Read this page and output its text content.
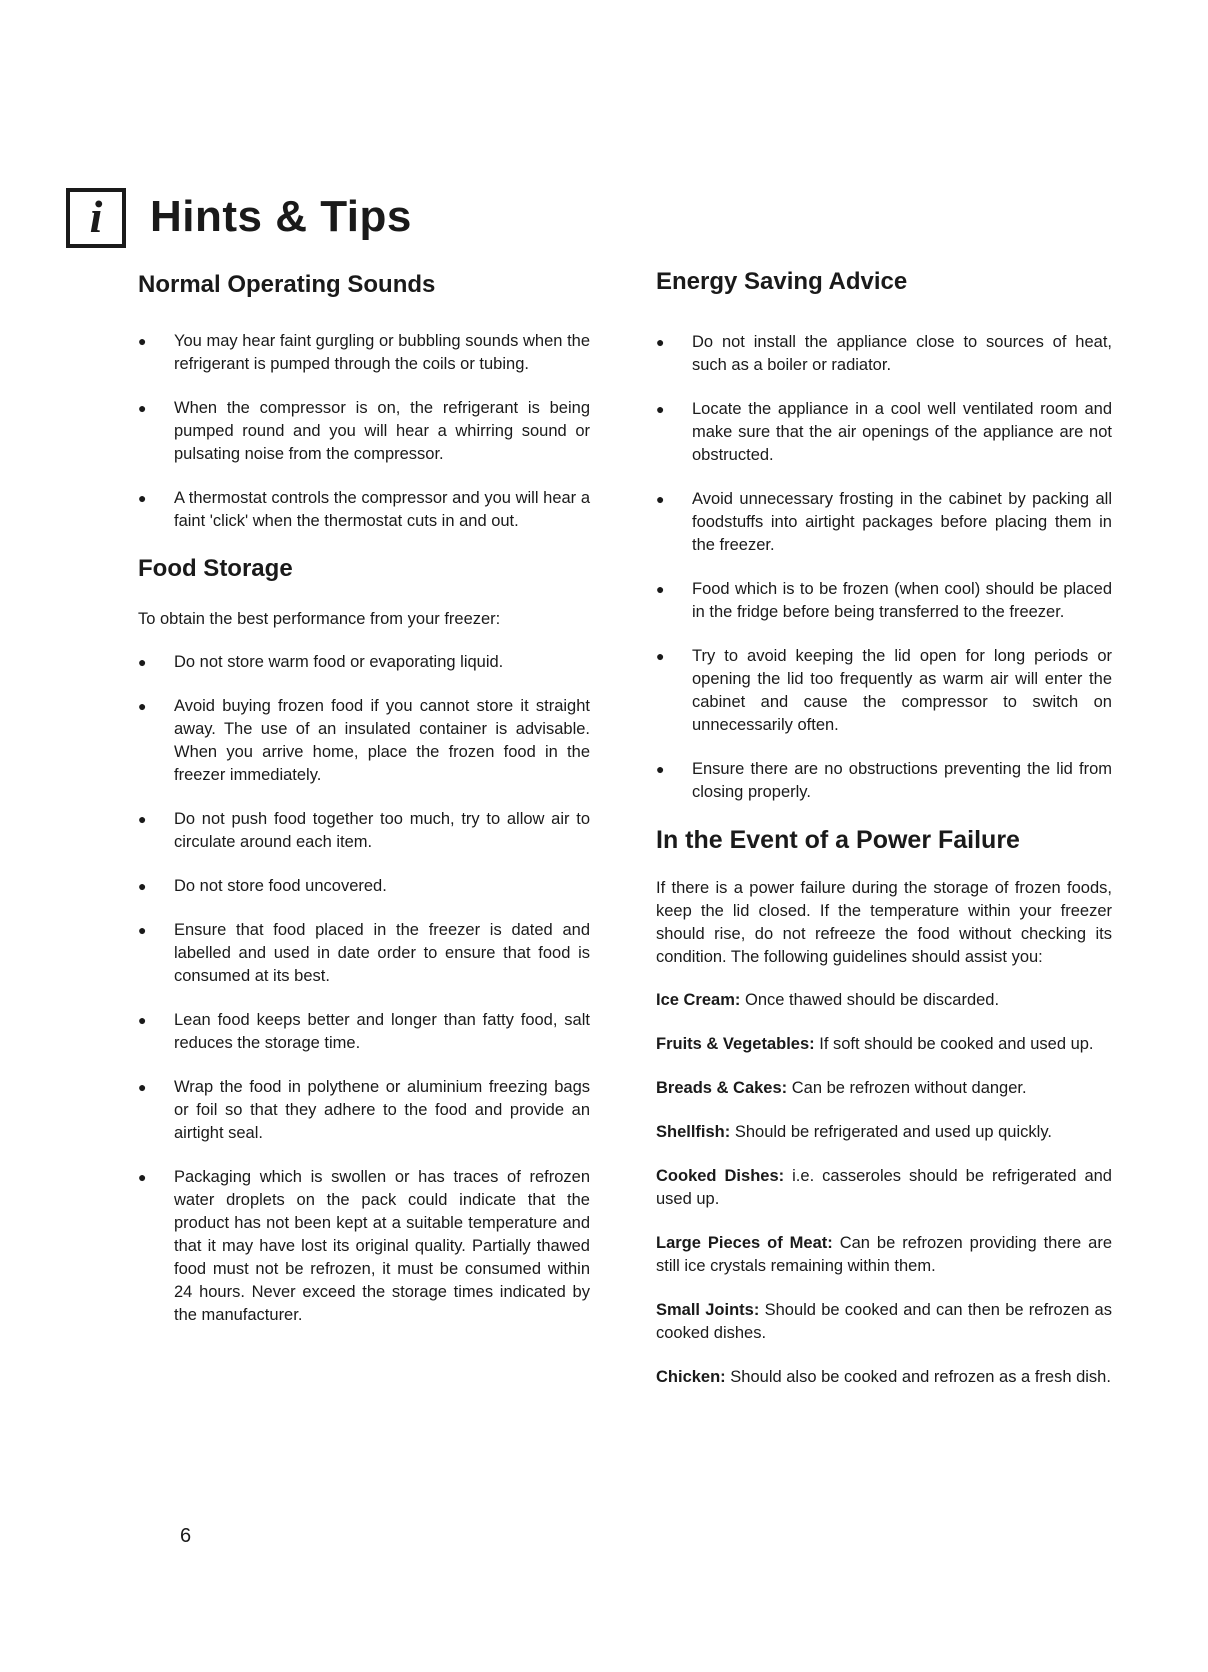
i Hints & Tips
Normal Operating Sounds
● You may hear faint gurgling or bubbling sounds when the refrigerant is pumped through the coils or tubing.
● When the compressor is on, the refrigerant is being pumped round and you will hear a whirring sound or pulsating noise from the compressor.
● A thermostat controls the compressor and you will hear a faint 'click' when the thermostat cuts in and out.
Food Storage

To obtain the best performance from your freezer:

● Do not store warm food or evaporating liquid.
● Avoid buying frozen food if you cannot store it straight away. The use of an insulated container is advisable. When you arrive home, place the frozen food in the freezer immediately.
● Do not push food together too much, try to allow air to circulate around each item.
● Do not store food uncovered.
● Ensure that food placed in the freezer is dated and labelled and used in date order to ensure that food is consumed at its best.
● Lean food keeps better and longer than fatty food, salt reduces the storage time.
● Wrap the food in polythene or aluminium freezing bags or foil so that they adhere to the food and provide an airtight seal.
● Packaging which is swollen or has traces of refrozen water droplets on the pack could indicate that the product has not been kept at a suitable temperature and that it may have lost its original quality. Partially thawed food must not be refrozen, it must be consumed within 24 hours. Never exceed the storage times indicated by the manufacturer.
Energy Saving Advice
● Do not install the appliance close to sources of heat, such as a boiler or radiator.
● Locate the appliance in a cool well ventilated room and make sure that the air openings of the appliance are not obstructed.
● Avoid unnecessary frosting in the cabinet by packing all foodstuffs into airtight packages before placing them in the freezer.
● Food which is to be frozen (when cool) should be placed in the fridge before being transferred to the freezer.
● Try to avoid keeping the lid open for long periods or opening the lid too frequently as warm air will enter the cabinet and cause the compressor to switch on unnecessarily often.
● Ensure there are no obstructions preventing the lid from closing properly.
In the Event of a Power Failure

If there is a power failure during the storage of frozen foods, keep the lid closed. If the temperature within your freezer should rise, do not refreeze the food without checking its condition. The following guidelines should assist you:

Ice Cream: Once thawed should be discarded.

Fruits & Vegetables: If soft should be cooked and used up.

Breads & Cakes: Can be refrozen without danger.

Shellfish: Should be refrigerated and used up quickly.

Cooked Dishes: i.e. casseroles should be refrigerated and used up.

Large Pieces of Meat: Can be refrozen providing there are still ice crystals remaining within them.

Small Joints: Should be cooked and can then be refrozen as cooked dishes.

Chicken: Should also be cooked and refrozen as a fresh dish.

6
